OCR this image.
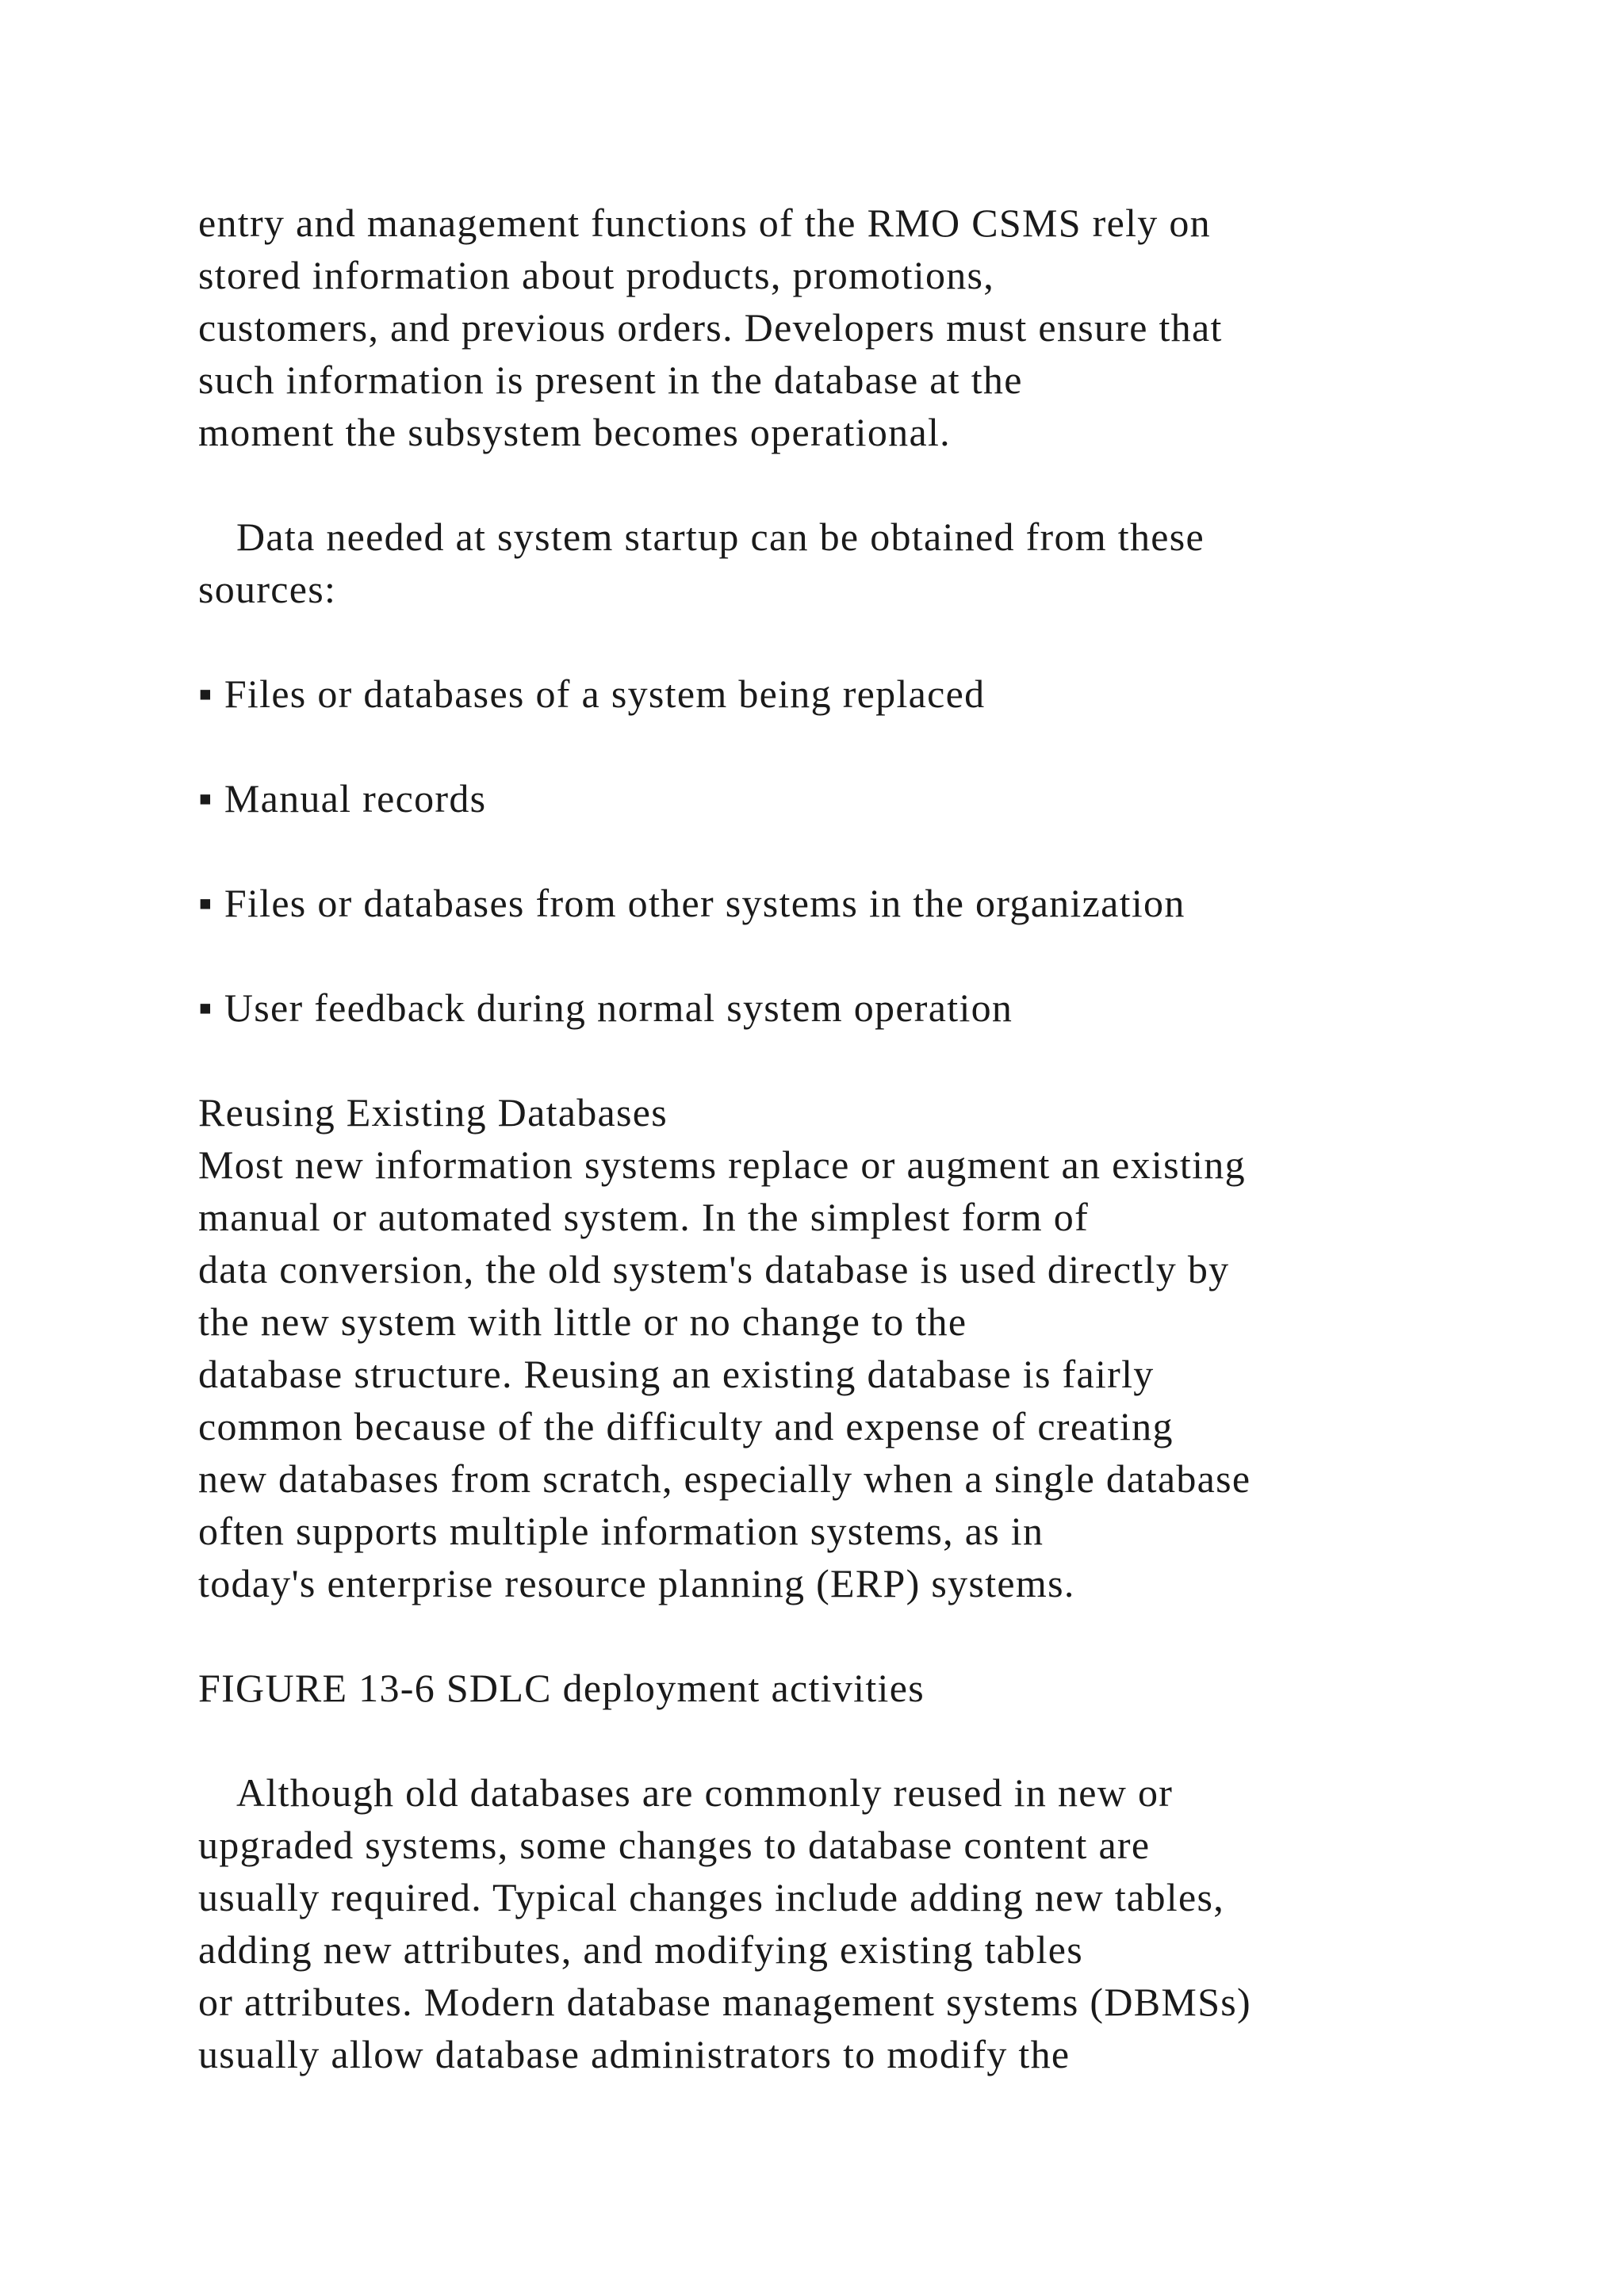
entry and management functions of the RMO CSMS rely on
stored information about products, promotions,
customers, and previous orders. Developers must ensure that
such information is present in the database at the
moment the subsystem becomes operational.
Data needed at system startup can be obtained from these
sources:
▪ Files or databases of a system being replaced
▪ Manual records
▪ Files or databases from other systems in the organization
▪ User feedback during normal system operation
Reusing Existing Databases
Most new information systems replace or augment an existing
manual or automated system. In the simplest form of
data conversion, the old system's database is used directly by
the new system with little or no change to the
database structure. Reusing an existing database is fairly
common because of the difficulty and expense of creating
new databases from scratch, especially when a single database
often supports multiple information systems, as in
today's enterprise resource planning (ERP) systems.
FIGURE 13-6 SDLC deployment activities
Although old databases are commonly reused in new or
upgraded systems, some changes to database content are
usually required. Typical changes include adding new tables,
adding new attributes, and modifying existing tables
or attributes. Modern database management systems (DBMSs)
usually allow database administrators to modify the
